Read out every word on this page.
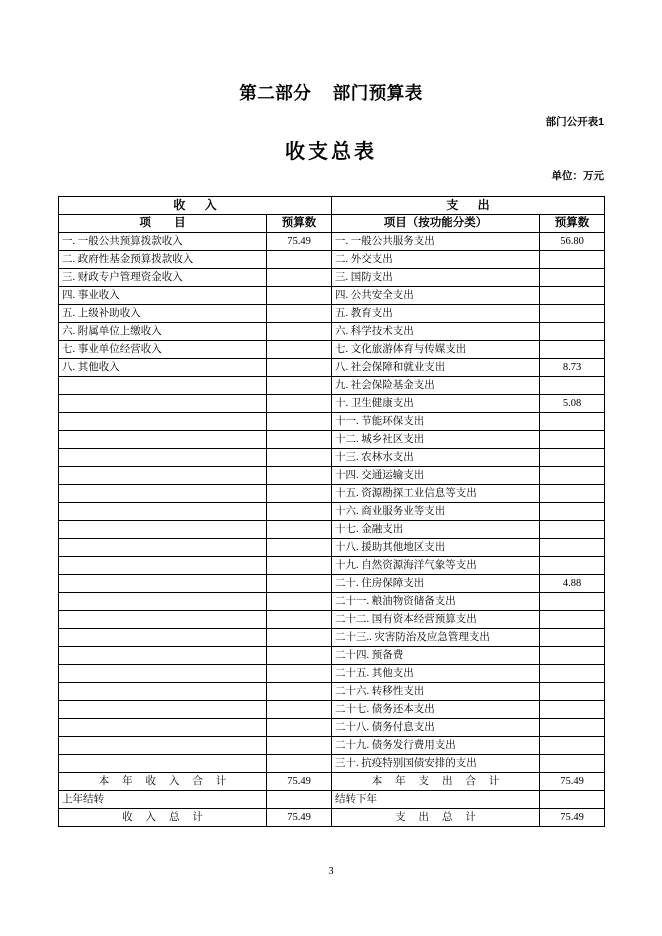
第二部分    部门预算表
部门公开表1
收支总表
单位：万元
收 入		支 出	
项 目	预算数	项目（按功能分类）	预算数
一. 一般公共预算拨款收入	75.49	一. 一般公共服务支出	56.80
二. 政府性基金预算拨款收入		二. 外交支出	
三. 财政专户管理资金收入		三. 国防支出	
四. 事业收入		四. 公共安全支出	
五. 上级补助收入		五. 教育支出	
六. 附属单位上缴收入		六. 科学技术支出	
七. 事业单位经营收入		七. 文化旅游体育与传媒支出	
八. 其他收入		八. 社会保障和就业支出	8.73
		九. 社会保险基金支出	
		十. 卫生健康支出	5.08
		十一. 节能环保支出	
		十二. 城乡社区支出	
		十三. 农林水支出	
		十四. 交通运输支出	
		十五. 资源勘探工业信息等支出	
		十六. 商业服务业等支出	
		十七. 金融支出	
		十八. 援助其他地区支出	
		十九. 自然资源海洋气象等支出	
		二十. 住房保障支出	4.88
		二十一. 粮油物资储备支出	
		二十二. 国有资本经营预算支出	
		二十三.. 灾害防治及应急管理支出	
		二十四. 预备费	
		二十五. 其他支出	
		二十六. 转移性支出	
		二十七. 债务还本支出	
		二十八. 债务付息支出	
		二十九. 债务发行费用支出	
		三十. 抗疫特别国债安排的支出	
本 年 收 入 合 计	75.49	本 年 支 出 合 计	75.49
上年结转		结转下年	
收 入 总 计	75.49	支 出 总 计	75.49
3
